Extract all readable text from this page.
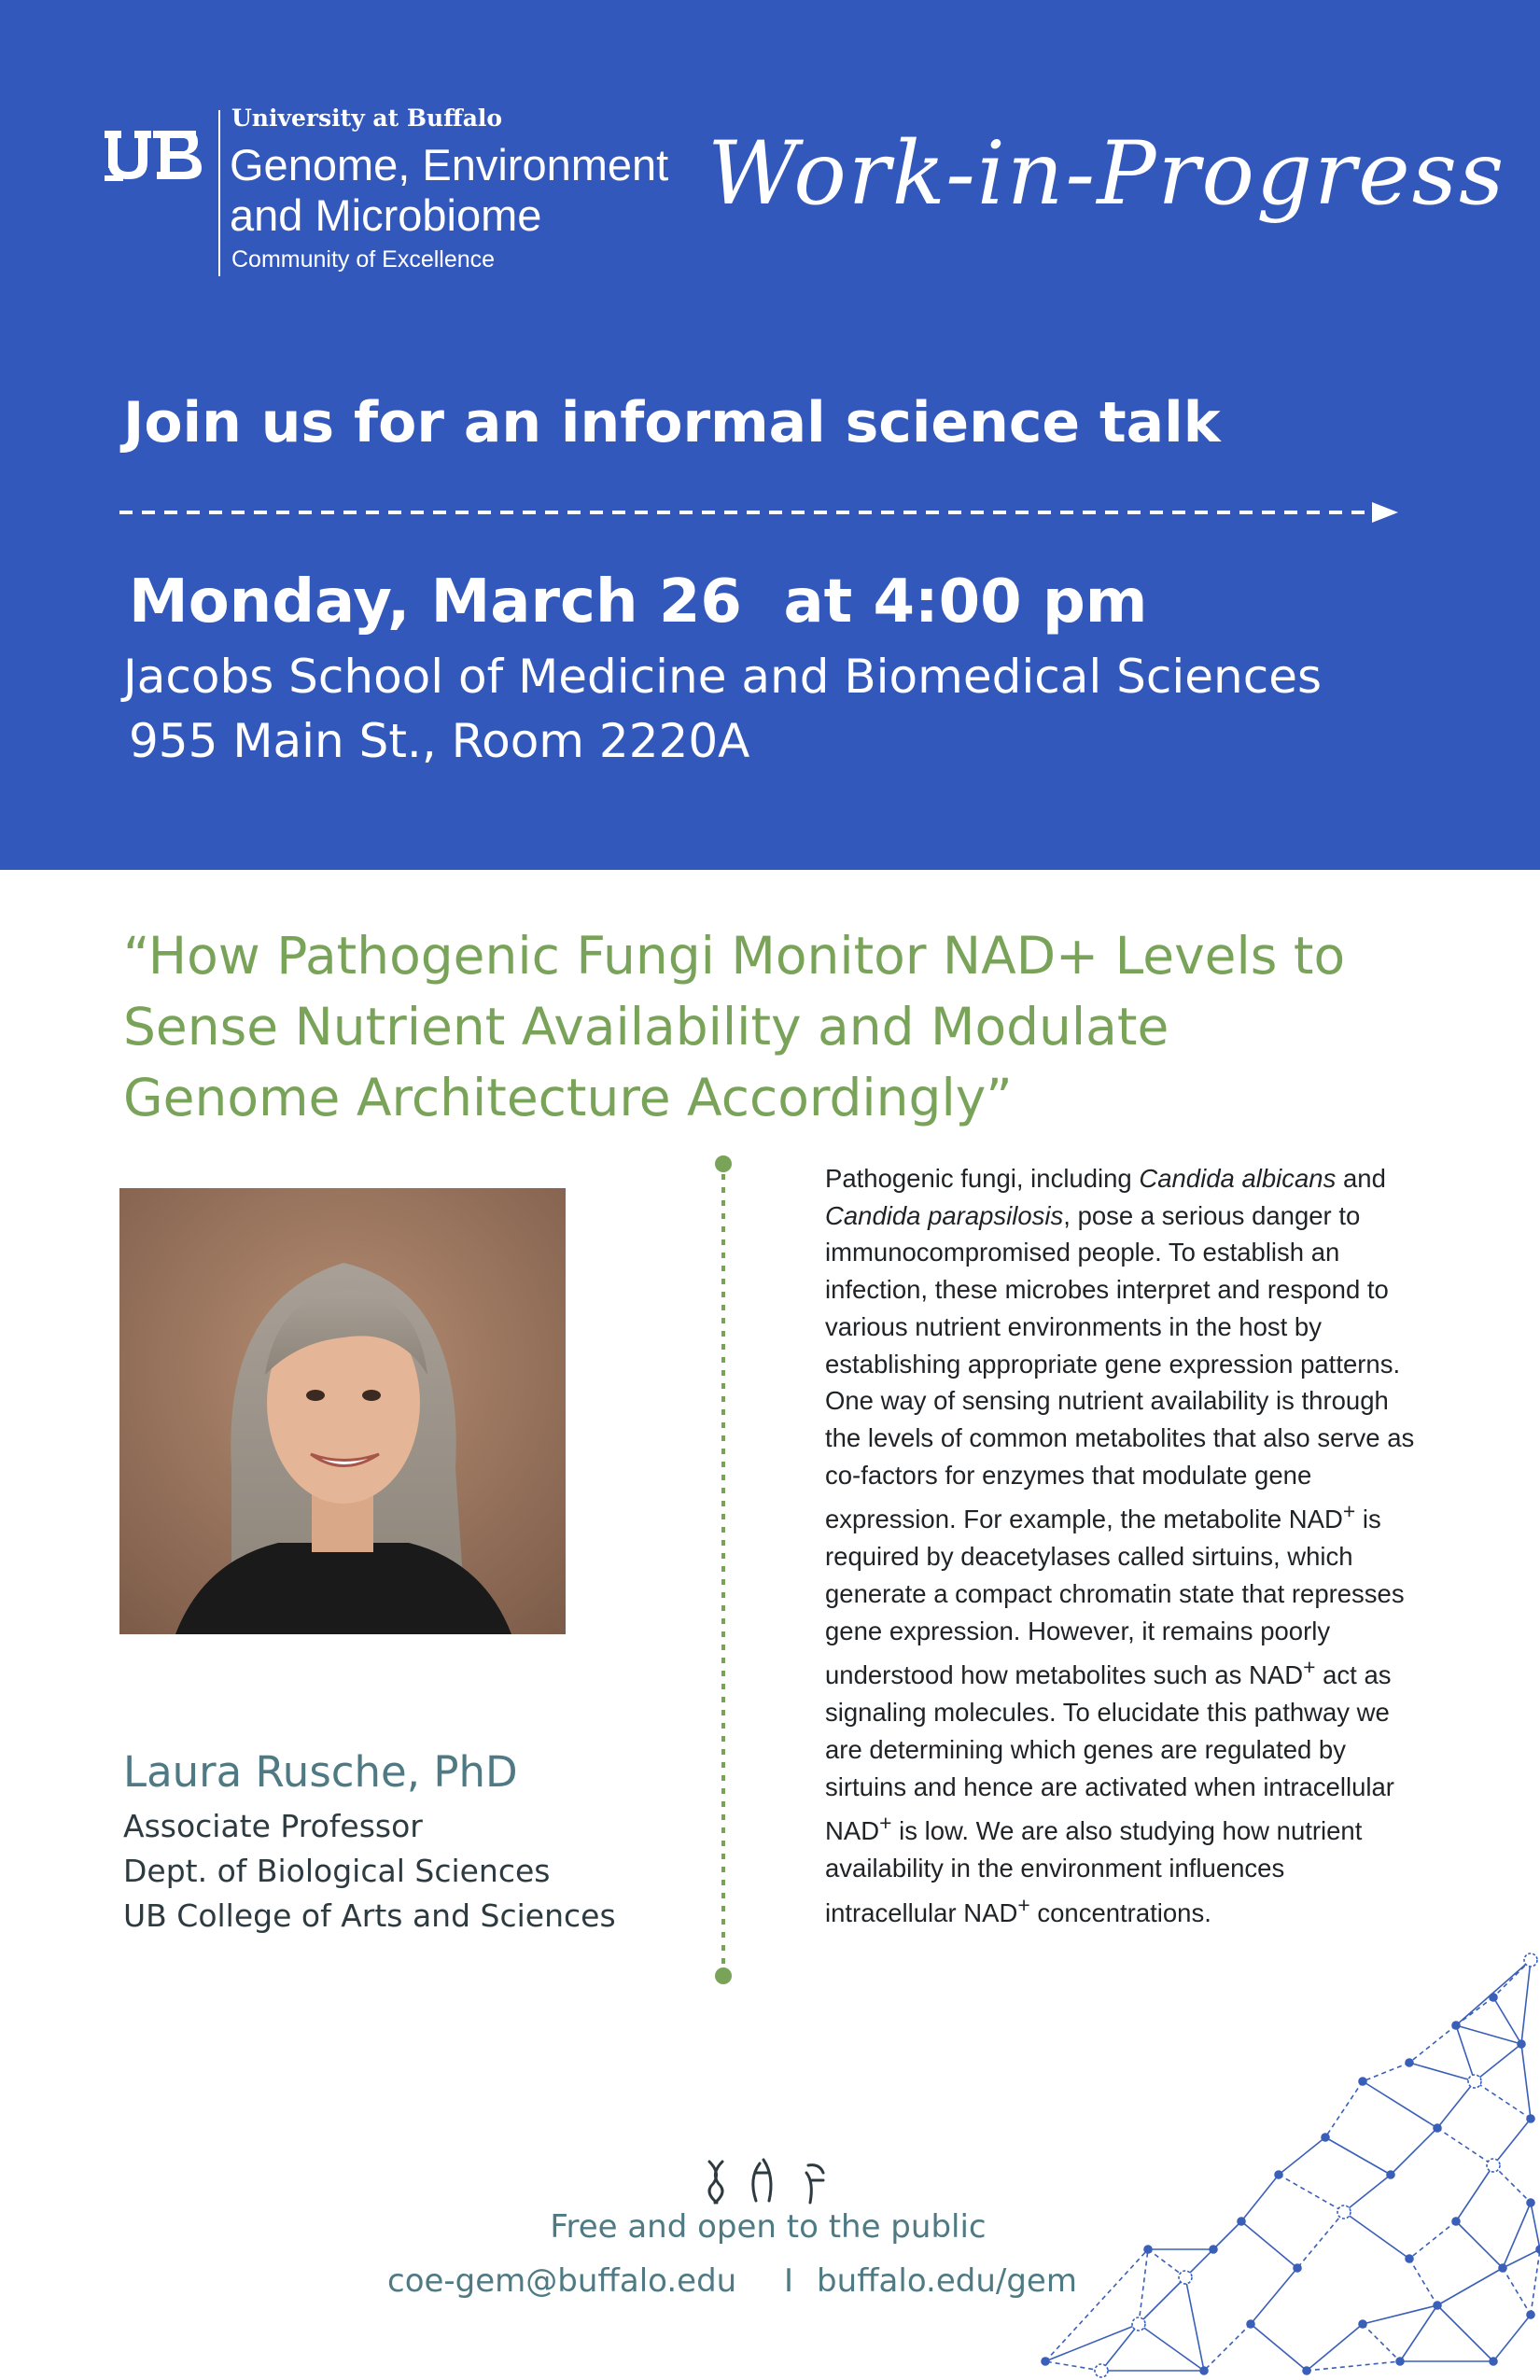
University at Buffalo
Genome, Environment
and Microbiome
Community of Excellence
Work-in-Progress
Join us for an informal science talk
Monday, March 26  at 4:00 pm
Jacobs School of Medicine and Biomedical Sciences
955 Main St., Room 2220A
“How Pathogenic Fungi Monitor NAD+ Levels to
Sense Nutrient Availability and Modulate
Genome Architecture Accordingly”
Laura Rusche, PhD
Associate Professor
Dept. of Biological Sciences
UB College of Arts and Sciences
Pathogenic fungi, including Candida albicans and Candida parapsilosis, pose a serious danger to immunocompromised people. To establish an infection, these microbes interpret and respond to various nutrient environments in the host by establishing appropriate gene expression patterns. One way of sensing nutrient availability is through the levels of common metabolites that also serve as co-factors for enzymes that modulate gene expression. For example, the metabolite NAD+ is required by deacetylases called sirtuins, which generate a compact chromatin state that represses gene expression. However, it remains poorly understood how metabolites such as NAD+ act as signaling molecules. To elucidate this pathway we are determining which genes are regulated by sirtuins and hence are activated when intracellular NAD+ is low. We are also studying how nutrient availability in the environment influences intracellular NAD+ concentrations.
Free and open to the public
coe-gem@buffalo.edu I buffalo.edu/gem
